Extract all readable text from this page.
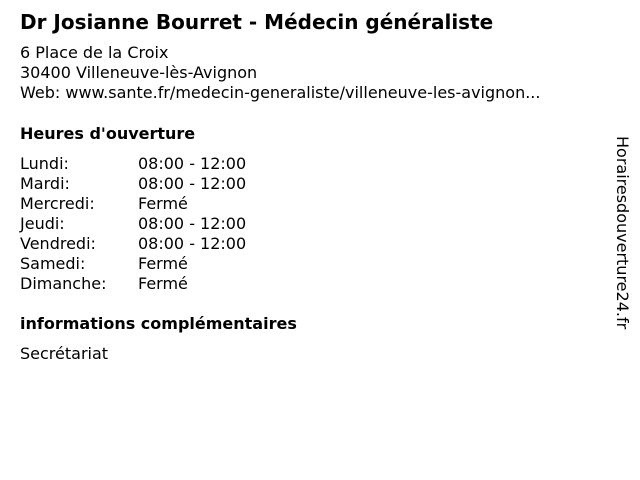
Dr Josianne Bourret - Médecin généraliste
6 Place de la Croix
30400 Villeneuve-lès-Avignon
Web: www.sante.fr/medecin-generaliste/villeneuve-les-avignon...
Heures d'ouverture
Lundi:	08:00 - 12:00
Mardi:	08:00 - 12:00
Mercredi:	Fermé
Jeudi:	08:00 - 12:00
Vendredi:	08:00 - 12:00
Samedi:	Fermé
Dimanche:	Fermé
informations complémentaires
Secrétariat
Horairesdouverture24.fr
